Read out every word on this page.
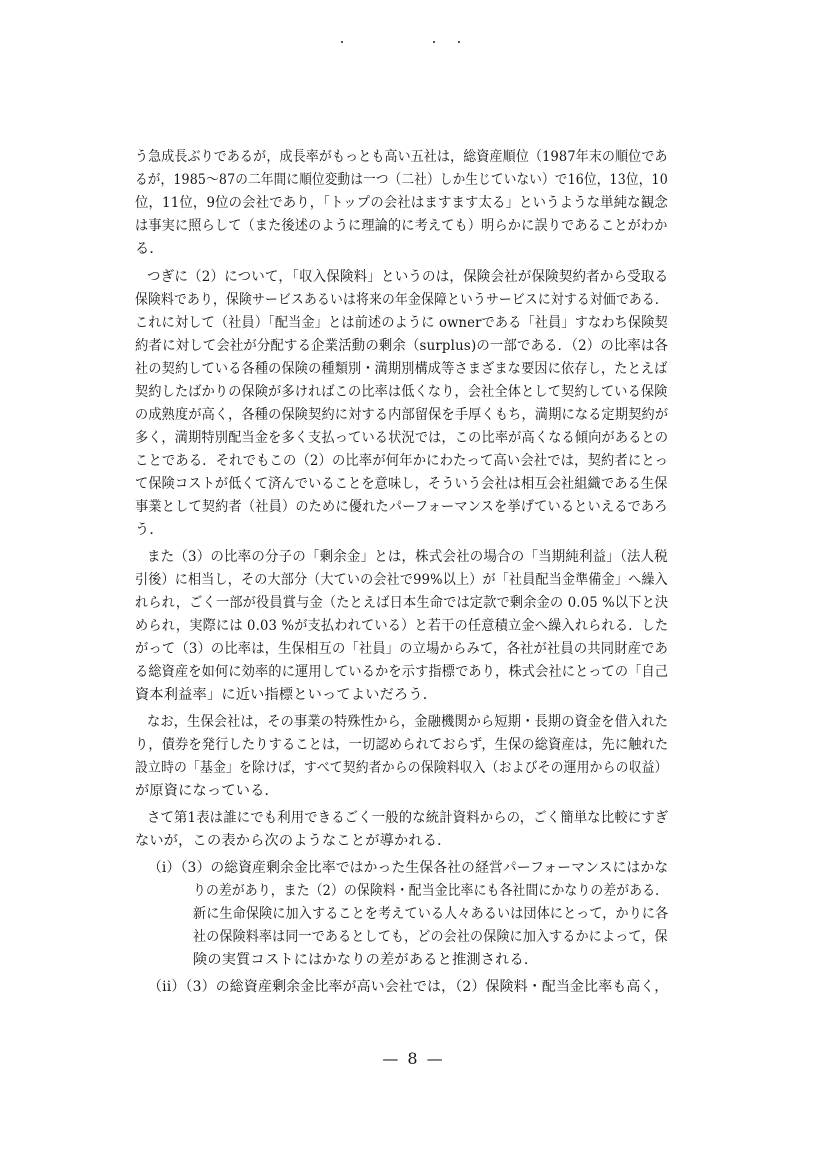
う急成長ぶりであるが，成長率がもっとも高い五社は，総資産順位（1987年末の順位であ
るが，1985～87の二年間に順位変動は一つ（二社）しか生じていない）で16位，13位，10
位，11位，9位の会社であり，「トップの会社はますます太る」というような単純な観念
は事実に照らして（また後述のように理論的に考えても）明らかに誤りであることがわか
る．
つぎに（2）について，「収入保険料」というのは，保険会社が保険契約者から受取る
保険料であり，保険サービスあるいは将来の年金保障というサービスに対する対価である．
これに対して（社員）「配当金」とは前述のように ownerである「社員」すなわち保険契
約者に対して会社が分配する企業活動の剰余（surplus)の一部である．（2）の比率は各
社の契約している各種の保険の種類別・満期別構成等さまざまな要因に依存し，たとえば
契約したばかりの保険が多ければこの比率は低くなり，会社全体として契約している保険
の成熟度が高く，各種の保険契約に対する内部留保を手厚くもち，満期になる定期契約が
多く，満期特別配当金を多く支払っている状況では，この比率が高くなる傾向があるとの
ことである．それでもこの（2）の比率が何年かにわたって高い会社では，契約者にとっ
て保険コストが低くて済んでいることを意味し，そういう会社は相互会社組織である生保
事業として契約者（社員）のために優れたパーフォーマンスを挙げているといえるであろ
う．
また（3）の比率の分子の「剰余金」とは，株式会社の場合の「当期純利益」（法人税
引後）に相当し，その大部分（大ていの会社で99%以上）が「社員配当金準備金」へ繰入
れられ，ごく一部が役員賞与金（たとえば日本生命では定款で剰余金の 0.05 %以下と決
められ，実際には 0.03 %が支払われている）と若干の任意積立金へ繰入れられる．した
がって（3）の比率は，生保相互の「社員」の立場からみて，各社が社員の共同財産であ
る総資産を如何に効率的に運用しているかを示す指標であり，株式会社にとっての「自己
資本利益率」に近い指標といってよいだろう．
なお，生保会社は，その事業の特殊性から，金融機関から短期・長期の資金を借入れた
り，債券を発行したりすることは，一切認められておらず，生保の総資産は，先に触れた
設立時の「基金」を除けば，すべて契約者からの保険料収入（およびその運用からの収益）
が原資になっている．
さて第1表は誰にでも利用できるごく一般的な統計資料からの，ごく簡単な比較にすぎ
ないが，この表から次のようなことが導かれる．
（i）（3）の総資産剰余金比率ではかった生保各社の経営パーフォーマンスにはかな
りの差があり，また（2）の保険料・配当金比率にも各社間にかなりの差がある．
新に生命保険に加入することを考えている人々あるいは団体にとって，かりに各
社の保険料率は同一であるとしても，どの会社の保険に加入するかによって，保
険の実質コストにはかなりの差があると推測される．
（ii）（3）の総資産剰余金比率が高い会社では，（2）保険料・配当金比率も高く，
— 8 —
